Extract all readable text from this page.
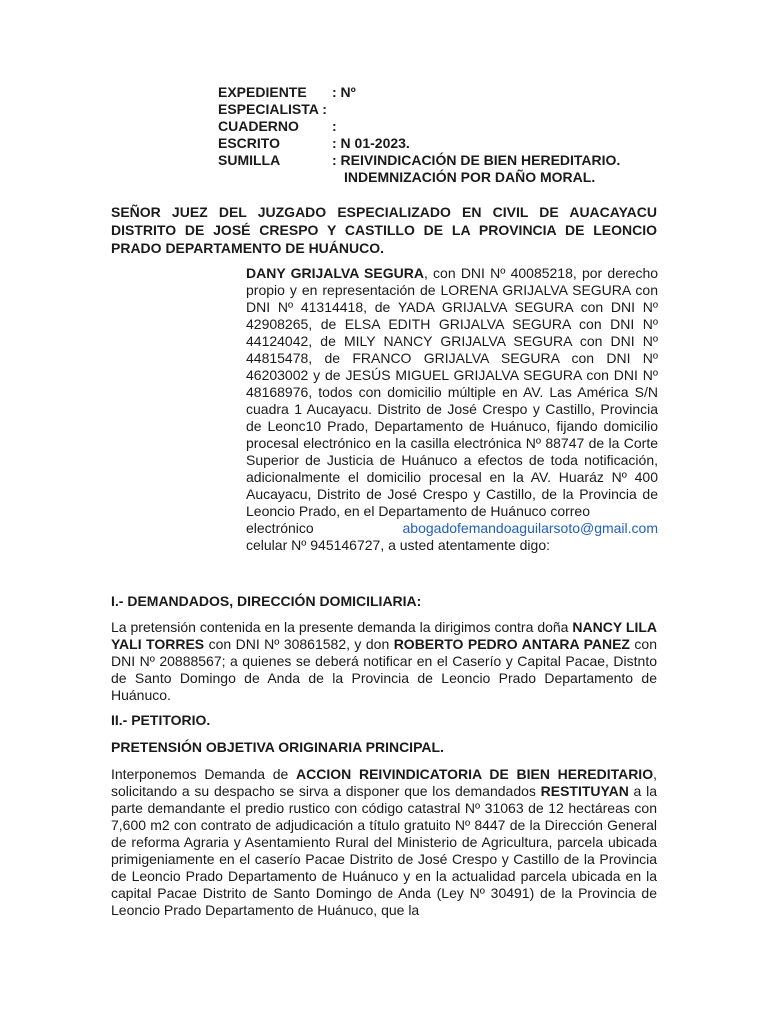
EXPEDIENTE : Nº
ESPECIALISTA :
CUADERNO :
ESCRITO	: N 01-2023.
SUMILLA	: REIVINDICACIÓN DE BIEN HEREDITARIO.
INDEMNIZACIÓN POR DAÑO MORAL.
SEÑOR JUEZ DEL JUZGADO ESPECIALIZADO EN CIVIL DE AUACAYACU DISTRITO DE JOSÉ CRESPO Y CASTILLO DE LA PROVINCIA DE LEONCIO PRADO DEPARTAMENTO DE HUÁNUCO.
DANY GRIJALVA SEGURA, con DNI Nº 40085218, por derecho propio y en representación de LORENA GRIJALVA SEGURA con DNI Nº 41314418, de YADA GRIJALVA SEGURA con DNI Nº 42908265, de ELSA EDITH GRIJALVA SEGURA con DNI Nº 44124042, de MILY NANCY GRIJALVA SEGURA con DNI Nº 44815478, de FRANCO GRIJALVA SEGURA con DNI Nº 46203002 y de JESÚS MIGUEL GRIJALVA SEGURA con DNI Nº 48168976, todos con domicilio múltiple en AV. Las América S/N cuadra 1 Aucayacu. Distrito de José Crespo y Castillo, Provincia de Leonc10 Prado, Departamento de Huánuco, fijando domicilio procesal electrónico en la casilla electrónica Nº 88747 de la Corte Superior de Justicia de Huánuco a efectos de toda notificación, adicionalmente el domicilio procesal en la AV. Huaráz Nº 400 Aucayacu, Distrito de José Crespo y Castillo, de la Provincia de Leoncio Prado, en el Departamento de Huánuco correo
electrónico	abogadofemandoaguilarsoto@gmail.com
celular Nº 945146727, a usted atentamente digo:
I.- DEMANDADOS, DIRECCIÓN DOMICILIARIA:
La pretensión contenida en la presente demanda la dirigimos contra doña NANCY LILA YALI TORRES con DNI Nº 30861582, y don ROBERTO PEDRO ANTARA PANEZ con DNI Nº 20888567; a quienes se deberá notificar en el Caserío y Capital Pacae, Distnto de Santo Domingo de Anda de la Provincia de Leoncio Prado Departamento de Huánuco.
II.- PETITORIO.
PRETENSIÓN OBJETIVA ORIGINARIA PRINCIPAL.
Interponemos Demanda de ACCION REIVINDICATORIA DE BIEN HEREDITARIO, solicitando a su despacho se sirva a disponer que los demandados RESTITUYAN a la parte demandante el predio rustico con código catastral Nº 31063 de 12 hectáreas con 7,600 m2 con contrato de adjudicación a título gratuito Nº 8447 de la Dirección General de reforma Agraria y Asentamiento Rural del Ministerio de Agricultura, parcela ubicada primigeniamente en el caserío Pacae Distrito de José Crespo y Castillo de la Provincia de Leoncio Prado Departamento de Huánuco y en la actualidad parcela ubicada en la capital Pacae Distrito de Santo Domingo de Anda (Ley Nº 30491) de la Provincia de Leoncio Prado Departamento de Huánuco, que la
